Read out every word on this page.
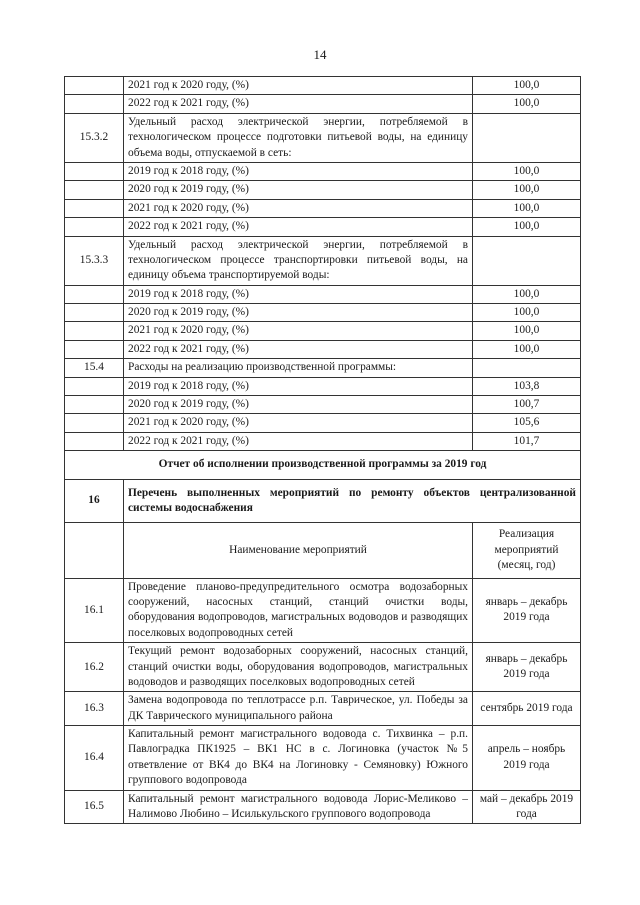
14
	2021 год к 2020 году, (%)	100,0
	2022 год к 2021 году, (%)	100,0
15.3.2	Удельный расход электрической энергии, потребляемой в технологическом процессе подготовки питьевой воды, на единицу объема воды, отпускаемой в сеть:	
	2019 год к 2018 году, (%)	100,0
	2020 год к 2019 году, (%)	100,0
	2021 год к 2020 году, (%)	100,0
	2022 год к 2021 году, (%)	100,0
15.3.3	Удельный расход электрической энергии, потребляемой в технологическом процессе транспортировки питьевой воды, на единицу объема транспортируемой воды:	
	2019 год к 2018 году, (%)	100,0
	2020 год к 2019 году, (%)	100,0
	2021 год к 2020 году, (%)	100,0
	2022 год к 2021 году, (%)	100,0
15.4	Расходы на реализацию производственной программы:	
	2019 год к 2018 году, (%)	103,8
	2020 год к 2019 году, (%)	100,7
	2021 год к 2020 году, (%)	105,6
	2022 год к 2021 году, (%)	101,7
Отчет об исполнении производственной программы за 2019 год		
16	Перечень выполненных мероприятий по ремонту объектов централизованной системы водоснабжения	
	Наименование мероприятий	Реализация мероприятий (месяц, год)
16.1	Проведение планово-предупредительного осмотра водозаборных сооружений, насосных станций, станций очистки воды, оборудования водопроводов, магистральных водоводов и разводящих поселковых водопроводных сетей	январь – декабрь 2019 года
16.2	Текущий ремонт водозаборных сооружений, насосных станций, станций очистки воды, оборудования водопроводов, магистральных водоводов и разводящих поселковых водопроводных сетей	январь – декабрь 2019 года
16.3	Замена водопровода по теплотрассе р.п. Таврическое, ул. Победы за ДК Таврического муниципального района	сентябрь 2019 года
16.4	Капитальный ремонт магистрального водовода с. Тихвинка – р.п. Павлоградка ПК1925 – ВК1 НС в с. Логиновка (участок №5 ответвление от ВК4 до ВК4 на Логиновку - Семяновку) Южного группового водопровода	апрель – ноябрь 2019 года
16.5	Капитальный ремонт магистрального водовода Лорис-Меликово – Налимово Любино – Исилькульского группового водопровода	май – декабрь 2019 года
